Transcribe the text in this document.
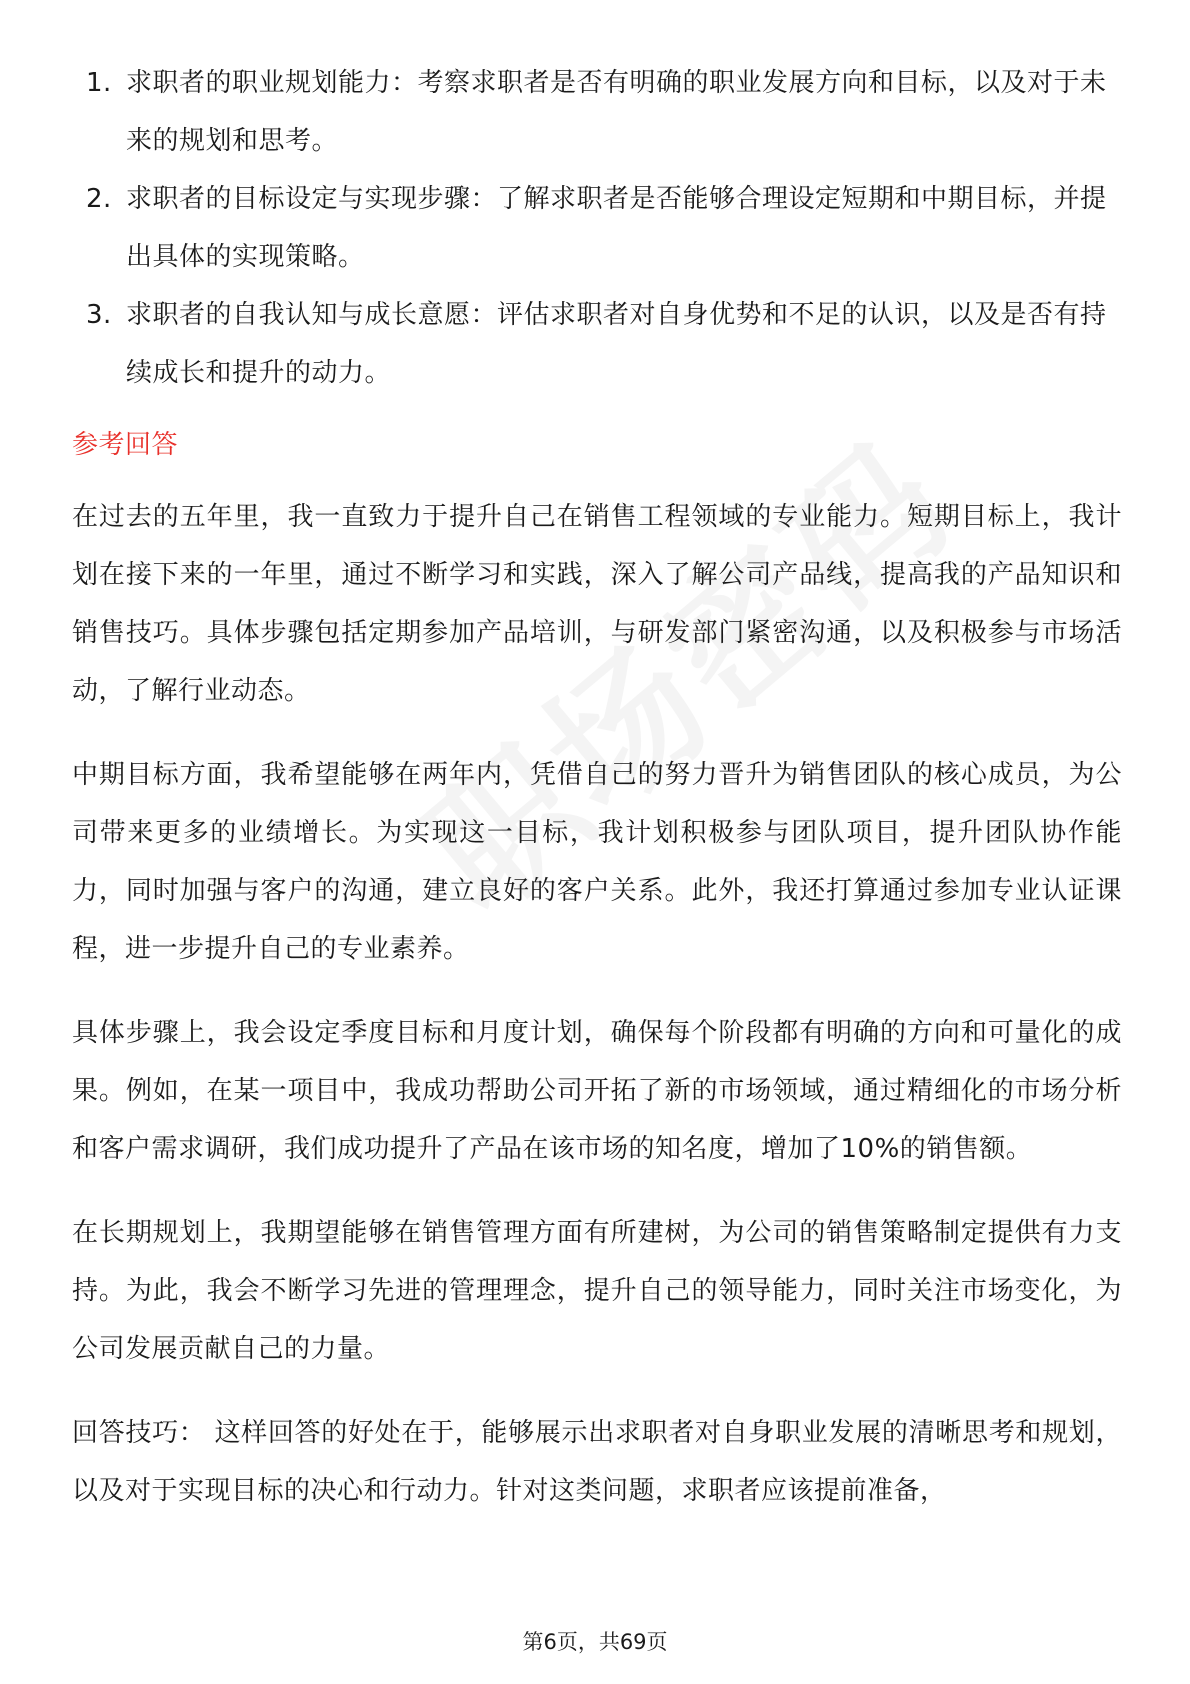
1. 求职者的职业规划能力：考察求职者是否有明确的职业发展方向和目标，以及对于未来的规划和思考。
2. 求职者的目标设定与实现步骤：了解求职者是否能够合理设定短期和中期目标，并提出具体的实现策略。
3. 求职者的自我认知与成长意愿：评估求职者对自身优势和不足的认识，以及是否有持续成长和提升的动力。
参考回答

在过去的五年里，我一直致力于提升自己在销售工程领域的专业能力。短期目标上，我计划在接下来的一年里，通过不断学习和实践，深入了解公司产品线，提高我的产品知识和销售技巧。具体步骤包括定期参加产品培训，与研发部门紧密沟通，以及积极参与市场活动，了解行业动态。

中期目标方面，我希望能够在两年内，凭借自己的努力晋升为销售团队的核心成员，为公司带来更多的业绩增长。为实现这一目标，我计划积极参与团队项目，提升团队协作能力，同时加强与客户的沟通，建立良好的客户关系。此外，我还打算通过参加专业认证课程，进一步提升自己的专业素养。

具体步骤上，我会设定季度目标和月度计划，确保每个阶段都有明确的方向和可量化的成果。例如，在某一项目中，我成功帮助公司开拓了新的市场领域，通过精细化的市场分析和客户需求调研，我们成功提升了产品在该市场的知名度，增加了10%的销售额。

在长期规划上，我期望能够在销售管理方面有所建树，为公司的销售策略制定提供有力支持。为此，我会不断学习先进的管理理念，提升自己的领导能力，同时关注市场变化，为公司发展贡献自己的力量。

回答技巧： 这样回答的好处在于，能够展示出求职者对自身职业发展的清晰思考和规划，以及对于实现目标的决心和行动力。针对这类问题，求职者应该提前准备，

第6页，共69页
